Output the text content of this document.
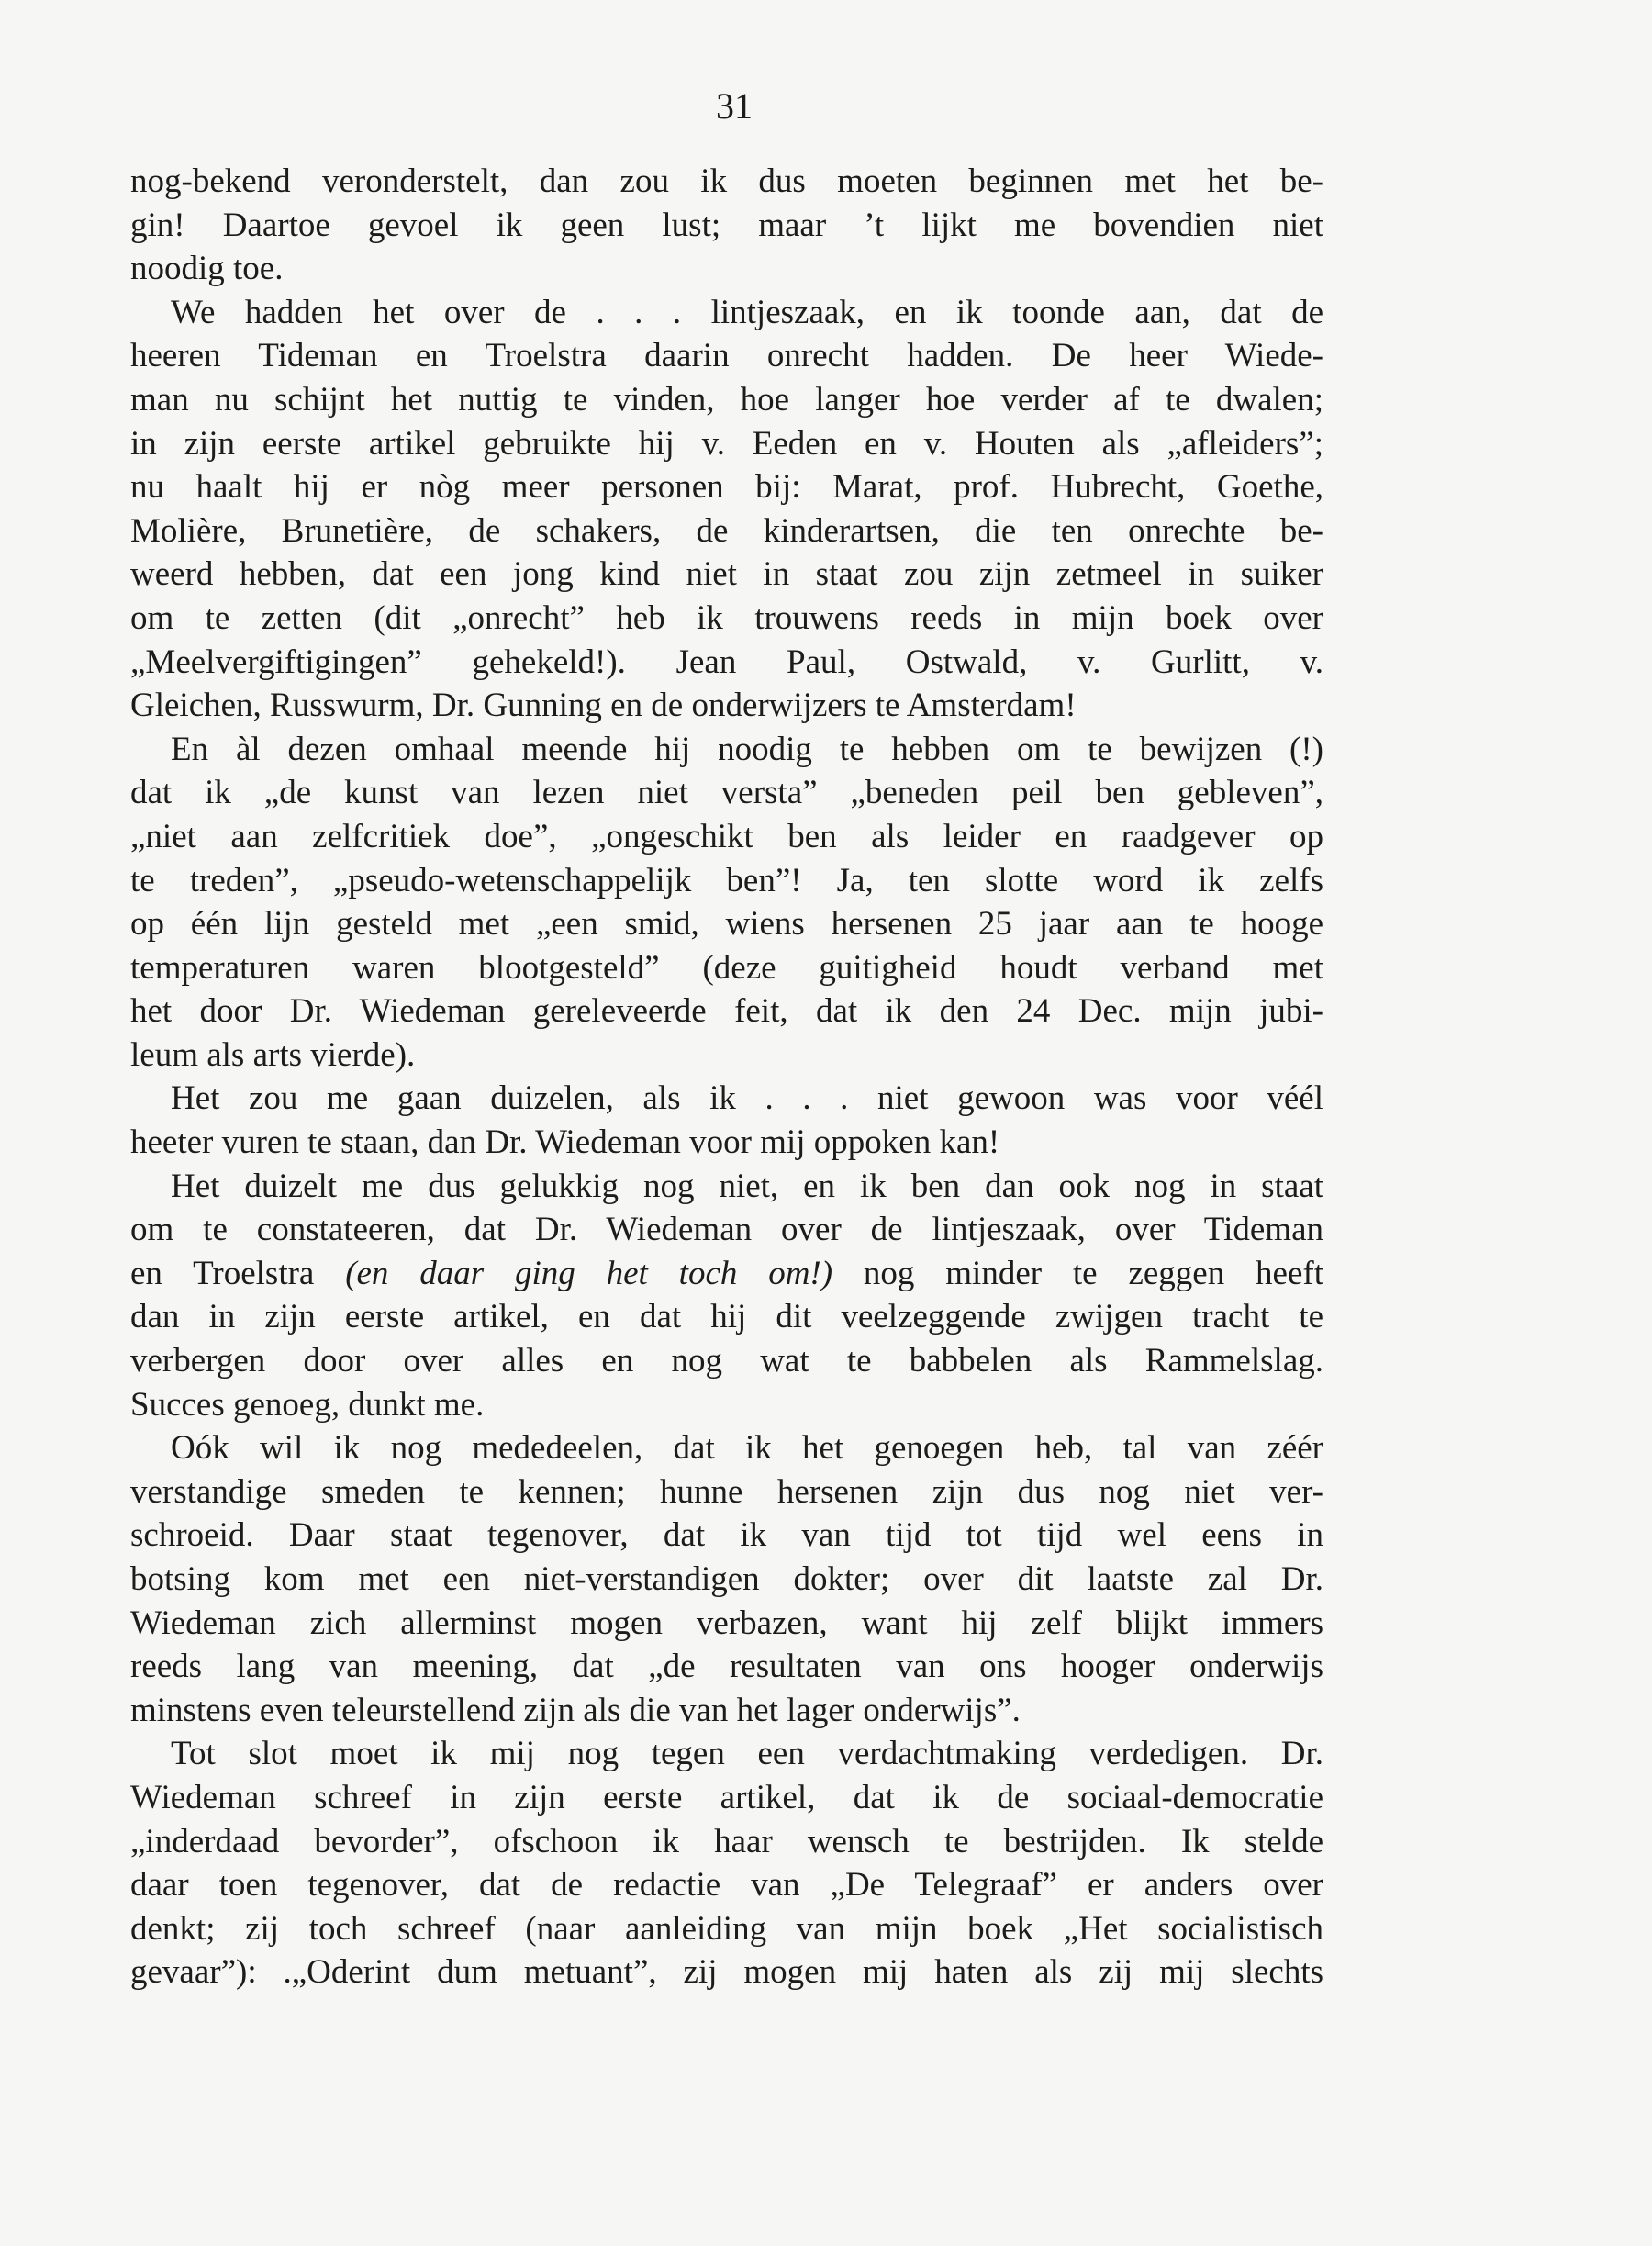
31

nog-bekend veronderstelt, dan zou ik dus moeten beginnen met het be-
gin! Daartoe gevoel ik geen lust; maar ’t lijkt me bovendien niet
noodig toe.

We hadden het over de . . . lintjeszaak, en ik toonde aan, dat de
heeren Tideman en Troelstra daarin onrecht hadden. De heer Wiede-
man nu schijnt het nuttig te vinden, hoe langer hoe verder af te dwalen;
in zijn eerste artikel gebruikte hij v. Eeden en v. Houten als „afleiders”;
nu haalt hij er nòg meer personen bij: Marat, prof. Hubrecht, Goethe,
Molière, Brunetière, de schakers, de kinderartsen, die ten onrechte be-
weerd hebben, dat een jong kind niet in staat zou zijn zetmeel in suiker
om te zetten (dit „onrecht” heb ik trouwens reeds in mijn boek over
„Meelvergiftigingen” gehekeld!). Jean Paul, Ostwald, v. Gurlitt, v.
Gleichen, Russwurm, Dr. Gunning en de onderwijzers te Amsterdam!

En àl dezen omhaal meende hij noodig te hebben om te bewijzen (!)
dat ik „de kunst van lezen niet versta” „beneden peil ben gebleven”,
„niet aan zelfcritiek doe”, „ongeschikt ben als leider en raadgever op
te treden”, „pseudo-wetenschappelijk ben”! Ja, ten slotte word ik zelfs
op één lijn gesteld met „een smid, wiens hersenen 25 jaar aan te hooge
temperaturen waren blootgesteld” (deze guitigheid houdt verband met
het door Dr. Wiedeman gereleveerde feit, dat ik den 24 Dec. mijn jubi-
leum als arts vierde).

Het zou me gaan duizelen, als ik . . . niet gewoon was voor véél
heeter vuren te staan, dan Dr. Wiedeman voor mij oppoken kan!

Het duizelt me dus gelukkig nog niet, en ik ben dan ook nog in staat
om te constateeren, dat Dr. Wiedeman over de lintjeszaak, over Tideman
en Troelstra (en daar ging het toch om!) nog minder te zeggen heeft
dan in zijn eerste artikel, en dat hij dit veelzeggende zwijgen tracht te
verbergen door over alles en nog wat te babbelen als Rammelslag.
Succes genoeg, dunkt me.

Oók wil ik nog mededeelen, dat ik het genoegen heb, tal van zéér
verstandige smeden te kennen; hunne hersenen zijn dus nog niet ver-
schroeid. Daar staat tegenover, dat ik van tijd tot tijd wel eens in
botsing kom met een niet-verstandigen dokter; over dit laatste zal Dr.
Wiedeman zich allerminst mogen verbazen, want hij zelf blijkt immers
reeds lang van meening, dat „de resultaten van ons hooger onderwijs
minstens even teleurstellend zijn als die van het lager onderwijs”.

Tot slot moet ik mij nog tegen een verdachtmaking verdedigen. Dr.
Wiedeman schreef in zijn eerste artikel, dat ik de sociaal-democratie
„inderdaad bevorder”, ofschoon ik haar wensch te bestrijden. Ik stelde
daar toen tegenover, dat de redactie van „De Telegraaf” er anders over
denkt; zij toch schreef (naar aanleiding van mijn boek „Het socialistisch
gevaar”): .„Oderint dum metuant”, zij mogen mij haten als zij mij slechts
